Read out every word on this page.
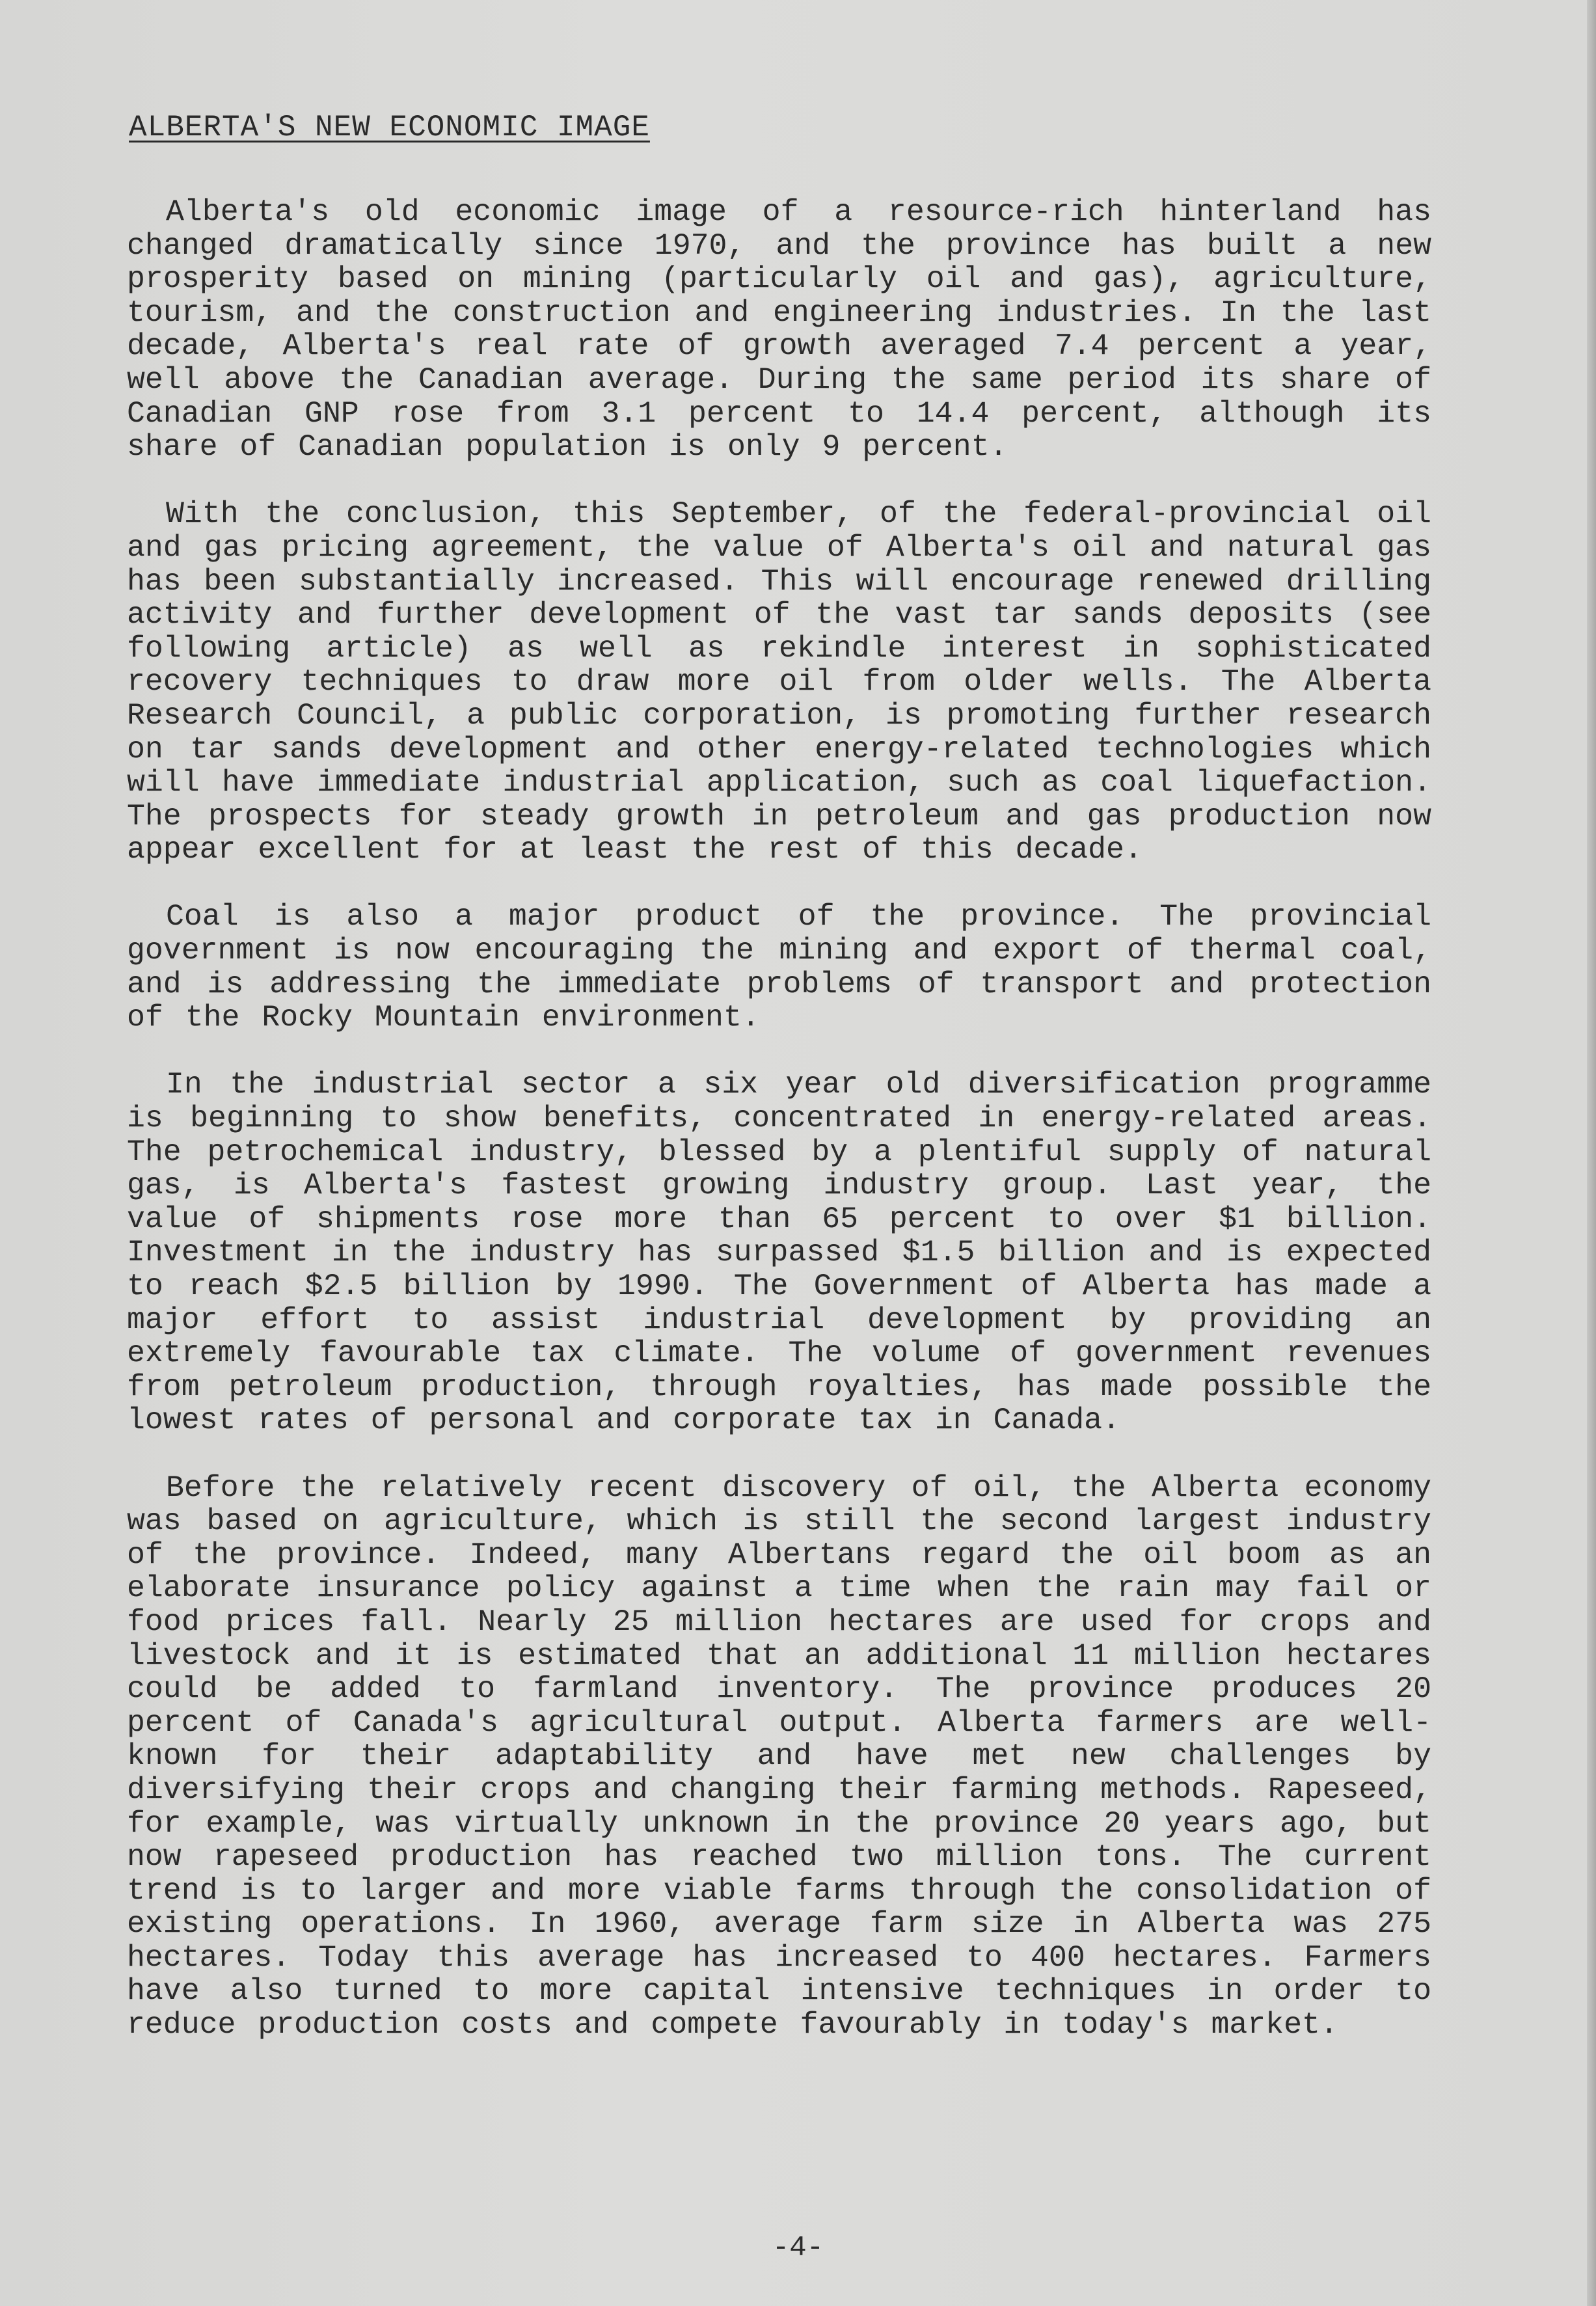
ALBERTA'S NEW ECONOMIC IMAGE

Alberta's old economic image of a resource-rich hinterland has changed dramatically since 1970, and the province has built a new prosperity based on mining (particularly oil and gas), agriculture, tourism, and the construction and engineering industries. In the last decade, Alberta's real rate of growth averaged 7.4 percent a year, well above the Canadian average. During the same period its share of Canadian GNP rose from 3.1 percent to 14.4 percent, although its share of Canadian population is only 9 percent.

With the conclusion, this September, of the federal-provincial oil and gas pricing agreement, the value of Alberta's oil and natural gas has been substantially increased. This will encourage renewed drilling activity and further development of the vast tar sands deposits (see following article) as well as rekindle interest in sophisticated recovery techniques to draw more oil from older wells. The Alberta Research Council, a public corporation, is promoting further research on tar sands development and other energy-related technologies which will have immediate industrial application, such as coal liquefaction. The prospects for steady growth in petroleum and gas production now appear excellent for at least the rest of this decade.

Coal is also a major product of the province. The provincial government is now encouraging the mining and export of thermal coal, and is addressing the immediate problems of transport and protection of the Rocky Mountain environment.

In the industrial sector a six year old diversification programme is beginning to show benefits, concentrated in energy-related areas. The petrochemical industry, blessed by a plentiful supply of natural gas, is Alberta's fastest growing industry group. Last year, the value of shipments rose more than 65 percent to over $1 billion. Investment in the industry has surpassed $1.5 billion and is expected to reach $2.5 billion by 1990. The Government of Alberta has made a major effort to assist industrial development by providing an extremely favourable tax climate. The volume of government revenues from petroleum production, through royalties, has made possible the lowest rates of personal and corporate tax in Canada.

Before the relatively recent discovery of oil, the Alberta economy was based on agriculture, which is still the second largest industry of the province. Indeed, many Albertans regard the oil boom as an elaborate insurance policy against a time when the rain may fail or food prices fall. Nearly 25 million hectares are used for crops and livestock and it is estimated that an additional 11 million hectares could be added to farmland inventory. The province produces 20 percent of Canada's agricultural output. Alberta farmers are well-known for their adaptability and have met new challenges by diversifying their crops and changing their farming methods. Rapeseed, for example, was virtually unknown in the province 20 years ago, but now rapeseed production has reached two million tons. The current trend is to larger and more viable farms through the consolidation of existing operations. In 1960, average farm size in Alberta was 275 hectares. Today this average has increased to 400 hectares. Farmers have also turned to more capital intensive techniques in order to reduce production costs and compete favourably in today's market.

-4-
